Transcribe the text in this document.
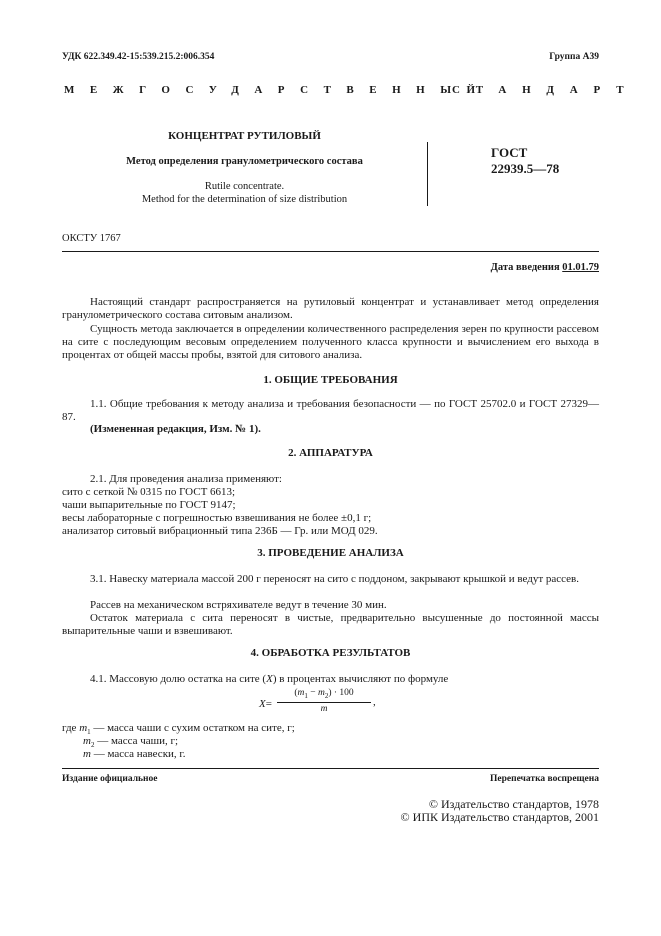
УДК 622.349.42-15:539.215.2:006.354	Группа А39
МЕЖГОСУДАРСТВЕННЫЙ
СТАНДАРТ
КОНЦЕНТРАТ РУТИЛОВЫЙ
Метод определения гранулометрического состава
Rutile concentrate.
Method for the determination of size distribution
ГОСТ
22939.5—78
ОКСТУ 1767
Дата введения 01.01.79

Настоящий стандарт распространяется на рутиловый концентрат и устанавливает метод определения гранулометрического состава ситовым анализом.

Сущность метода заключается в определении количественного распределения зерен по крупности рассевом на сите с последующим весовым определением полученного класса крупности и вычислением его выхода в процентах от общей массы пробы, взятой для ситового анализа.

1. ОБЩИЕ ТРЕБОВАНИЯ

1.1. Общие требования к методу анализа и требования безопасности — по ГОСТ 25702.0 и ГОСТ 27329—87.

(Измененная редакция, Изм. № 1).
2. АППАРАТУРА
2.1. Для проведения анализа применяют:
сито с сеткой № 0315 по ГОСТ 6613;
чаши выпарительные по ГОСТ 9147;
весы лабораторные с погрешностью взвешивания не более ±0,1 г;
анализатор ситовый вибрационный типа 236Б — Гр. или МОД 029.
3. ПРОВЕДЕНИЕ АНАЛИЗА

3.1. Навеску материала массой 200 г переносят на сито с поддоном, закрывают крышкой и ведут рассев.

Рассев на механическом встряхивателе ведут в течение 30 мин.

Остаток материала с сита переносят в чистые, предварительно высушенные до постоянной массы выпарительные чаши и взвешивают.

4. ОБРАБОТКА РЕЗУЛЬТАТОВ
4.1. Массовую долю остатка на сите (X) в процентах вычисляют по формуле
X=
$(m_1 - m_2) \cdot 100$
m
,
где $m_1$ — масса чаши с сухим остатком на сите, г;
$m_2$ — масса чаши, г;
m — масса навески, г.
Издание официальное	Перепечатка воспрещена
© Издательство стандартов, 1978
© ИПК Издательство стандартов, 2001
